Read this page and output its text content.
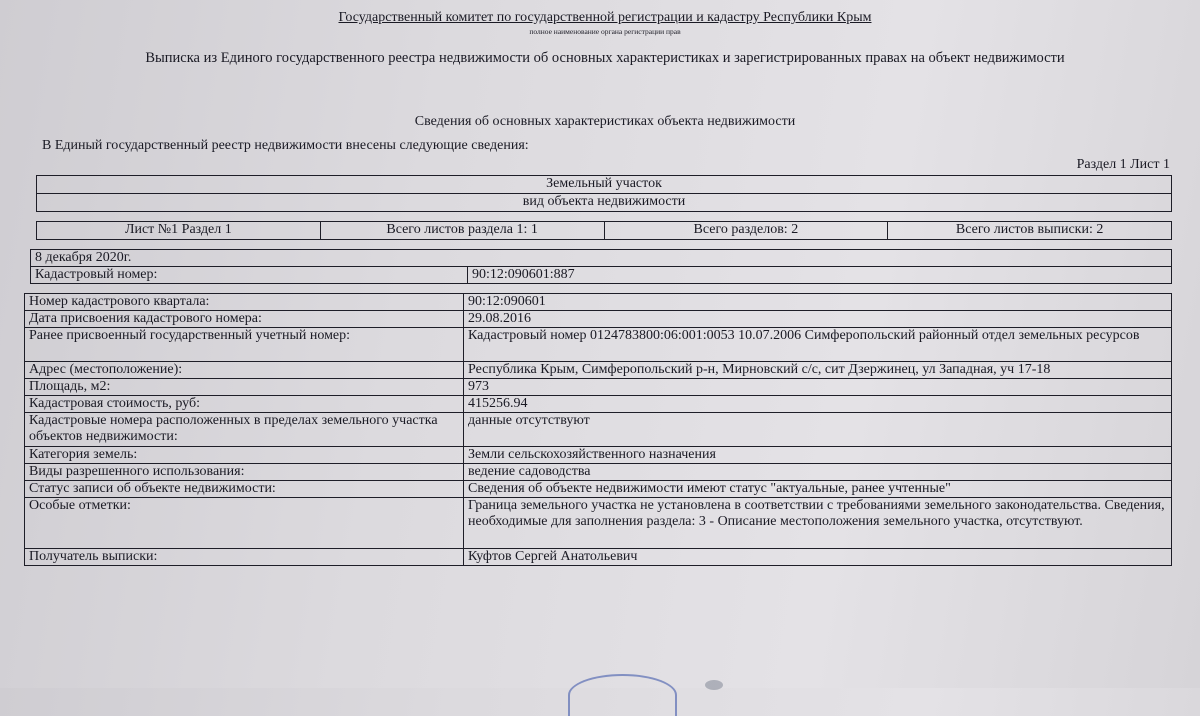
Государственный комитет по государственной регистрации и кадастру Республики Крым
полное наименование органа регистрации прав
Выписка из Единого государственного реестра недвижимости об основных характеристиках и зарегистрированных правах на объект недвижимости
Сведения об основных характеристиках объекта недвижимости
В Единый государственный реестр недвижимости внесены следующие сведения:
Раздел 1 Лист 1
Земельный участок
вид объекта недвижимости
Лист №1 Раздел 1	Всего листов раздела 1: 1	Всего разделов: 2	Всего листов выписки: 2
8 декабря 2020г.
Кадастровый номер:	90:12:090601:887
Номер кадастрового квартала:	90:12:090601
Дата присвоения кадастрового номера:	29.08.2016
Ранее присвоенный государственный учетный номер:	Кадастровый номер 0124783800:06:001:0053 10.07.2006 Симферопольский районный отдел земельных ресурсов
Адрес (местоположение):	Республика Крым, Симферопольский р-н, Мирновский с/с, сит Дзержинец, ул Западная, уч 17-18
Площадь, м2:	973
Кадастровая стоимость, руб:	415256.94
Кадастровые номера расположенных в пределах земельного участка объектов недвижимости:	данные отсутствуют
Категория земель:	Земли сельскохозяйственного назначения
Виды разрешенного использования:	ведение садоводства
Статус записи об объекте недвижимости:	Сведения об объекте недвижимости имеют статус "актуальные, ранее учтенные"
Особые отметки:	Граница земельного участка не установлена в соответствии с требованиями земельного законодательства. Сведения, необходимые для заполнения раздела: 3 - Описание местоположения земельного участка, отсутствуют.
Получатель выписки:	Куфтов Сергей Анатольевич
